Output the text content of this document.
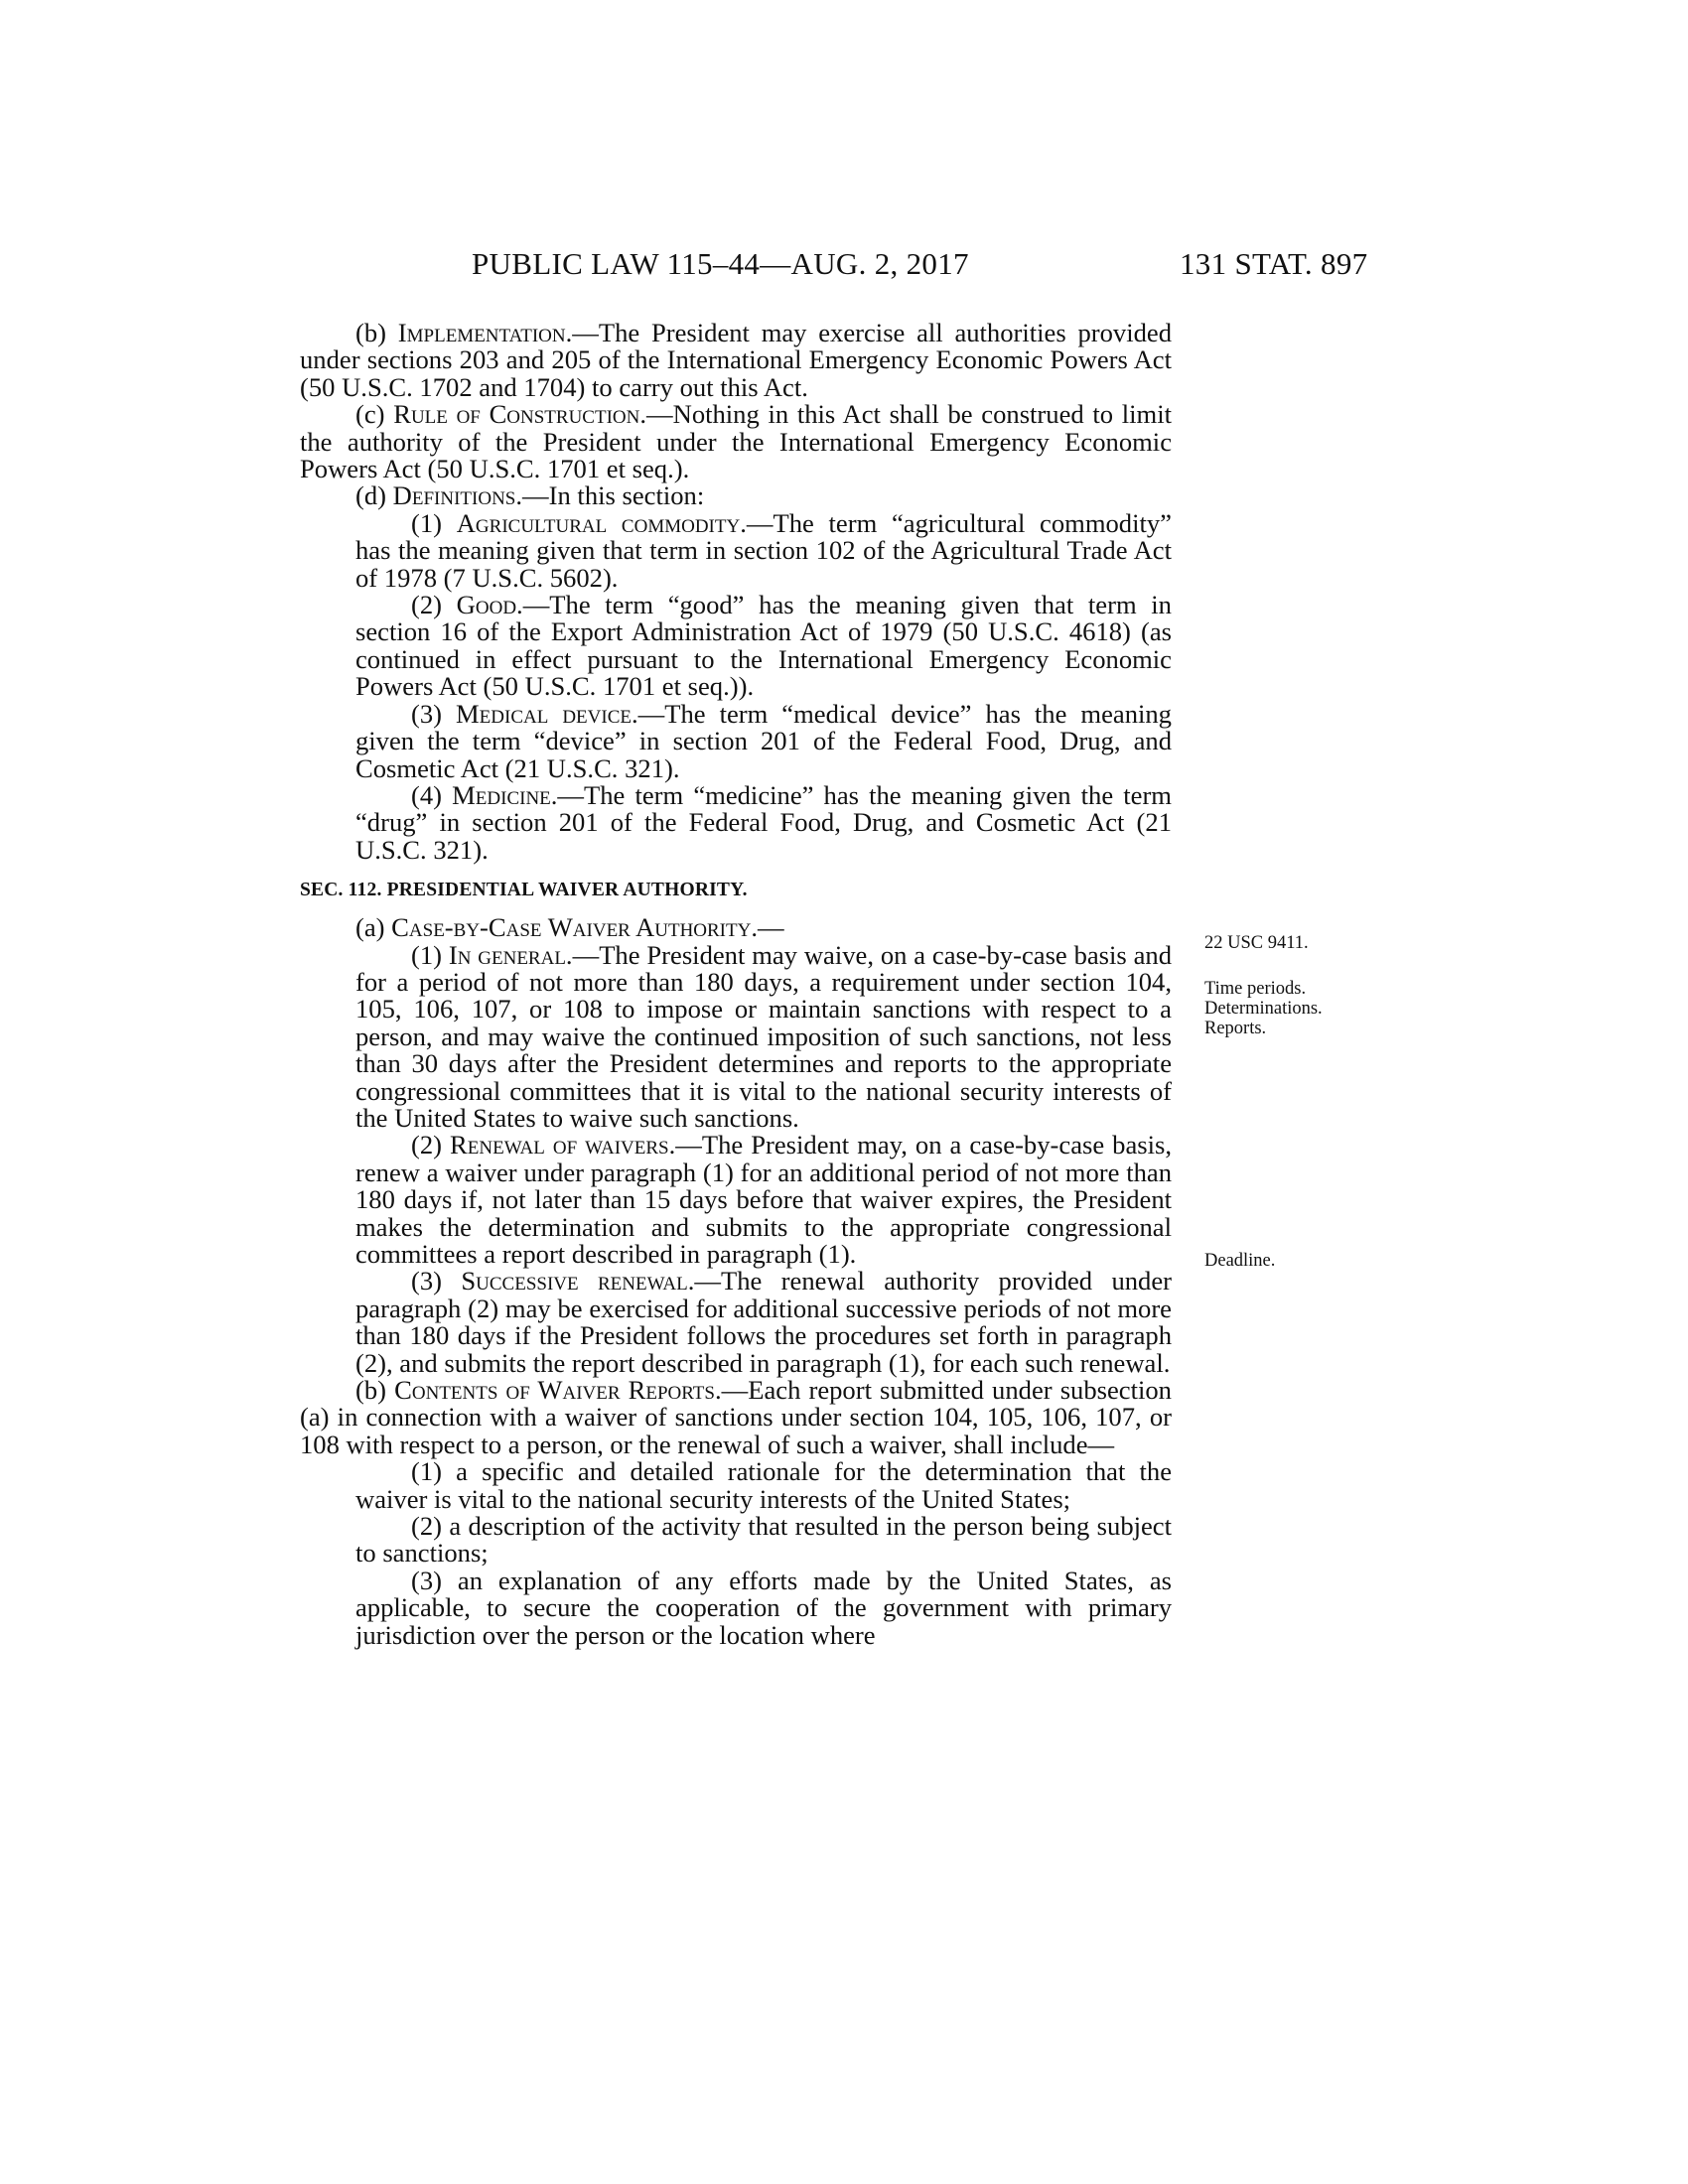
PUBLIC LAW 115–44—AUG. 2, 2017	131 STAT. 897

(b) Implementation.—The President may exercise all authorities provided under sections 203 and 205 of the International Emergency Economic Powers Act (50 U.S.C. 1702 and 1704) to carry out this Act.

(c) Rule of Construction.—Nothing in this Act shall be construed to limit the authority of the President under the International Emergency Economic Powers Act (50 U.S.C. 1701 et seq.).

(d) Definitions.—In this section:

(1) Agricultural commodity.—The term “agricultural commodity” has the meaning given that term in section 102 of the Agricultural Trade Act of 1978 (7 U.S.C. 5602).

(2) Good.—The term “good” has the meaning given that term in section 16 of the Export Administration Act of 1979 (50 U.S.C. 4618) (as continued in effect pursuant to the International Emergency Economic Powers Act (50 U.S.C. 1701 et seq.)).

(3) Medical device.—The term “medical device” has the meaning given the term “device” in section 201 of the Federal Food, Drug, and Cosmetic Act (21 U.S.C. 321).

(4) Medicine.—The term “medicine” has the meaning given the term “drug” in section 201 of the Federal Food, Drug, and Cosmetic Act (21 U.S.C. 321).

SEC. 112. PRESIDENTIAL WAIVER AUTHORITY.

(a) Case-by-Case Waiver Authority.—

(1) In general.—The President may waive, on a case-by-case basis and for a period of not more than 180 days, a requirement under section 104, 105, 106, 107, or 108 to impose or maintain sanctions with respect to a person, and may waive the continued imposition of such sanctions, not less than 30 days after the President determines and reports to the appropriate congressional committees that it is vital to the national security interests of the United States to waive such sanctions.

(2) Renewal of waivers.—The President may, on a case-by-case basis, renew a waiver under paragraph (1) for an additional period of not more than 180 days if, not later than 15 days before that waiver expires, the President makes the determination and submits to the appropriate congressional committees a report described in paragraph (1).

(3) Successive renewal.—The renewal authority provided under paragraph (2) may be exercised for additional successive periods of not more than 180 days if the President follows the procedures set forth in paragraph (2), and submits the report described in paragraph (1), for each such renewal.

(b) Contents of Waiver Reports.—Each report submitted under subsection (a) in connection with a waiver of sanctions under section 104, 105, 106, 107, or 108 with respect to a person, or the renewal of such a waiver, shall include—

(1) a specific and detailed rationale for the determination that the waiver is vital to the national security interests of the United States;

(2) a description of the activity that resulted in the person being subject to sanctions;

(3) an explanation of any efforts made by the United States, as applicable, to secure the cooperation of the government with primary jurisdiction over the person or the location where

22 USC 9411.
Time periods.
Determinations.
Reports.
Deadline.
